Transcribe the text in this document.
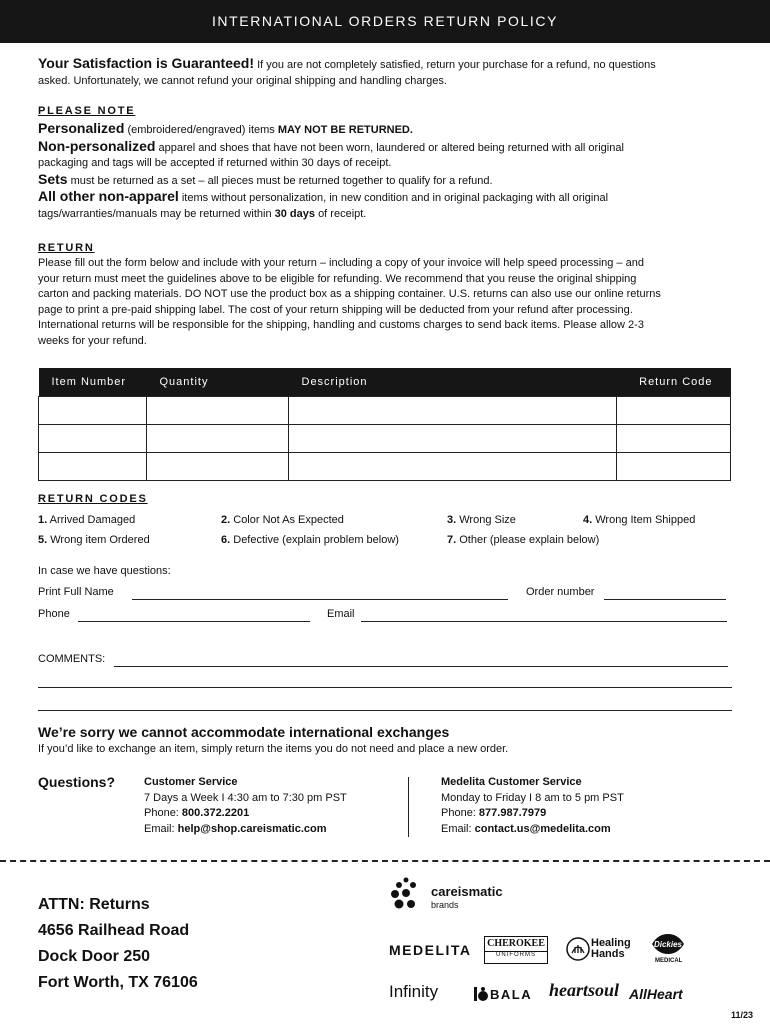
INTERNATIONAL ORDERS RETURN POLICY
Your Satisfaction is Guaranteed! If you are not completely satisfied, return your purchase for a refund, no questions
asked. Unfortunately, we cannot refund your original shipping and handling charges.
PLEASE NOTE
Personalized (embroidered/engraved) items MAY NOT BE RETURNED.
Non-personalized apparel and shoes that have not been worn, laundered or altered being returned with all original
packaging and tags will be accepted if returned within 30 days of receipt.
Sets must be returned as a set – all pieces must be returned together to qualify for a refund.
All other non-apparel items without personalization, in new condition and in original packaging with all original
tags/warranties/manuals may be returned within 30 days of receipt.
RETURN
Please fill out the form below and include with your return – including a copy of your invoice will help speed processing – and
your return must meet the guidelines above to be eligible for refunding. We recommend that you reuse the original shipping
carton and packing materials. DO NOT use the product box as a shipping container. U.S. returns can also use our online returns
page to print a pre-paid shipping label. The cost of your return shipping will be deducted from your refund after processing.
International returns will be responsible for the shipping, handling and customs charges to send back items. Please allow 2-3
weeks for your refund.
Item Number	Quantity	Description	Return Code

RETURN CODES
1. Arrived Damaged	2. Color Not As Expected	3. Wrong Size	4. Wrong Item Shipped
5. Wrong item Ordered	6. Defective (explain problem below)	7. Other (please explain below)
In case we have questions:
Print Full Name	Order number
Phone	Email
COMMENTS:
We’re sorry we cannot accommodate international exchanges
If you’d like to exchange an item, simply return the items you do not need and place a new order.
Questions?	Customer Service
7 Days a Week I 4:30 am to 7:30 pm PST
Phone: 800.372.2201
Email: help@shop.careismatic.com
Medelita Customer Service
Monday to Friday I 8 am to 5 pm PST
Phone: 877.987.7979
Email: contact.us@medelita.com
ATTN: Returns
4656 Railhead Road
Dock Door 250
Fort Worth, TX 76106
careismatic
brands
MEDELITA CHEROKEE
UNIFORMS
Healing
Hands
Dickies
MEDICAL
Infinity	BALA heartsoul AllHeart
11/23
